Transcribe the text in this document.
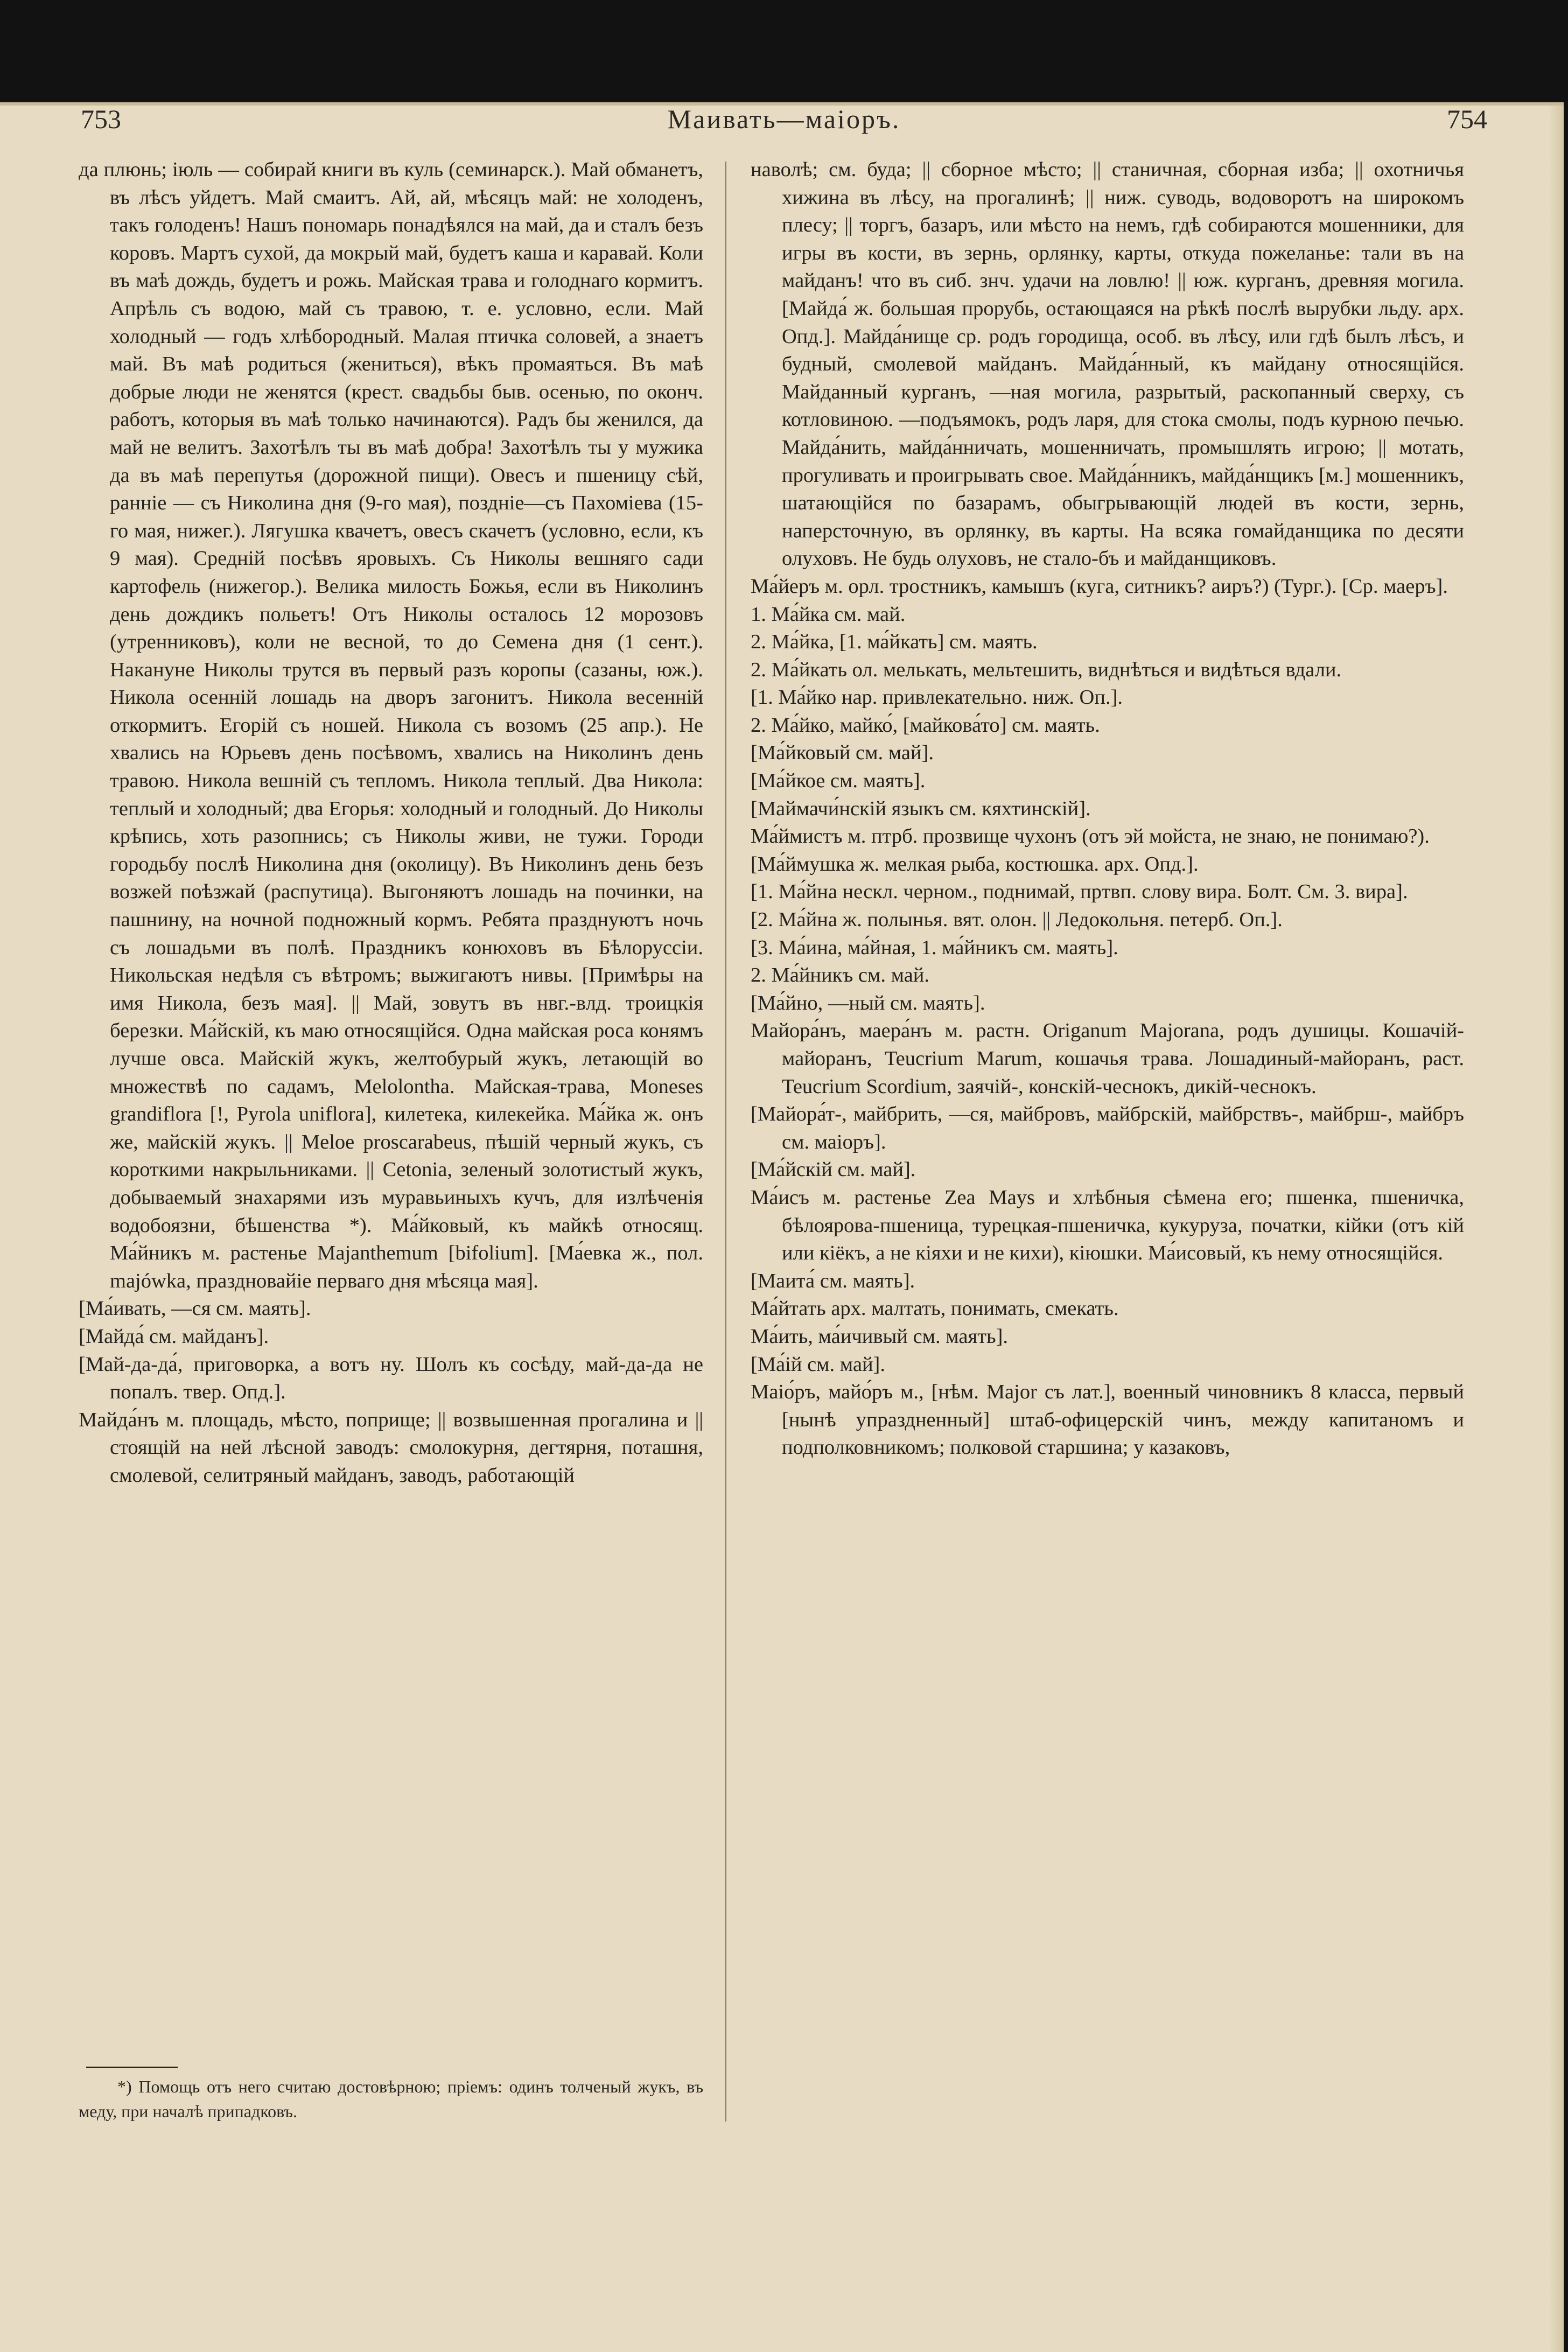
753	Маивать—маiоръ.	754

да плюнь; iюль — собирай книги въ куль (семинарск.). Май обманетъ, въ лѣсъ уйдетъ. Май смаитъ. Ай, ай, мѣсяцъ май: не холоденъ, такъ голоденъ! Нашъ пономарь понадѣялся на май, да и сталъ безъ коровъ. Мартъ сухой, да мокрый май, будетъ каша и каравай. Коли въ маѣ дождь, будетъ и рожь. Майская трава и голоднаго кормитъ. Апрѣль съ водою, май съ травою, т. е. условно, если. Май холодный — годъ хлѣбородный. Малая птичка соловей, а знаетъ май. Въ маѣ родиться (жениться), вѣкъ промаяться. Въ маѣ добрые люди не женятся (крест. свадьбы быв. осенью, по оконч. работъ, которыя въ маѣ только начинаются). Радъ бы женился, да май не велитъ. Захотѣлъ ты въ маѣ добра! Захотѣлъ ты у мужика да въ маѣ перепутья (дорожной пищи). Овесъ и пшеницу сѣй, раннiе — съ Николина дня (9-го мая), поздніе—съ Пахомiева (15-го мая, нижег.). Лягушка квачетъ, овесъ скачетъ (условно, если, къ 9 мая). Среднiй посѣвъ яровыхъ. Съ Николы вешняго сади картофель (нижегор.). Велика милость Божья, если въ Николинъ день дождикъ польетъ! Отъ Николы осталось 12 морозовъ (утренниковъ), коли не весной, то до Семена дня (1 сент.). Накануне Николы трутся въ первый разъ коропы (сазаны, юж.). Никола осеннiй лошадь на дворъ загонитъ. Никола весеннiй откормитъ. Егорiй съ ношей. Никола съ возомъ (25 апр.). Не хвались на Юрьевъ день посѣвомъ, хвались на Николинъ день травою. Никола вешнiй съ тепломъ. Никола теплый. Два Никола: теплый и холодный; два Егорья: холодный и голодный. До Николы крѣпись, хоть разопнись; съ Николы живи, не тужи. Городи городьбу послѣ Николина дня (околицу). Въ Николинъ день безъ возжей поѣзжай (распутица). Выгоняютъ лошадь на починки, на пашнину, на ночной подножный кормъ. Ребята празднуютъ ночь съ лошадьми въ полѣ. Праздникъ конюховъ въ Бѣлоруссiи. Никольская недѣля съ вѣтромъ; выжигаютъ нивы. [Примѣры на имя Никола, безъ мая]. || Май, зовутъ въ нвг.-влд. троицкiя березки. Ма́йскiй, къ маю относящiйся. Одна майская роса конямъ лучше овса. Майскiй жукъ, желтобурый жукъ, летающiй во множествѣ по садамъ, Melolontha. Майская-трава, Moneses grandiflora [!, Pyrola uniflora], килетека, килекейка. Ма́йка ж. онъ же, майскiй жукъ. || Meloe proscarabeus, пѣшiй черный жукъ, съ короткими накрыльниками. || Cetonia, зеленый золотистый жукъ, добываемый знахарями изъ муравьиныхъ кучъ, для излѣченiя водобоязни, бѣшенства *). Ма́йковый, къ майкѣ относящ. Ма́йникъ м. растенье Majanthemum [bifolium]. [Ма́евка ж., пол. majówka, праздновайiе перваго дня мѣсяца мая].

[Ма́ивать, —ся см. маять].

[Майда́ см. майданъ].

[Май-да-да́, приговорка, а вотъ ну. Шолъ къ сосѣду, май-да-да не попалъ. твер. Опд.].

Майда́нъ м. площадь, мѣсто, поприще; || возвышенная прогалина и || стоящiй на ней лѣсной заводъ: смолокурня, дегтярня, поташня, смолевой, селитряный майданъ, заводъ, работающiй

наволѣ; см. буда; || сборное мѣсто; || станичная, сборная изба; || охотничья хижина въ лѣсу, на прогалинѣ; || ниж. суводь, водоворотъ на широкомъ плесу; || торгъ, базаръ, или мѣсто на немъ, гдѣ собираются мошенники, для игры въ кости, въ зернь, орлянку, карты, откуда пожеланье: тали въ на майданъ! что въ сиб. знч. удачи на ловлю! || юж. курганъ, древняя могила. [Майда́ ж. большая прорубь, остающаяся на рѣкѣ послѣ вырубки льду. арх. Опд.]. Майда́нище ср. родъ городища, особ. въ лѣсу, или гдѣ былъ лѣсъ, и будный, смолевой майданъ. Майда́нный, къ майдану относящiйся. Майданный курганъ, —ная могила, разрытый, раскопанный сверху, съ котловиною. —подъямокъ, родъ ларя, для стока смолы, подъ курною печью. Майда́нить, майда́нничать, мошенничать, промышлять игрою; || мотать, прогуливать и проигрывать свое. Майда́нникъ, майда́нщикъ [м.] мошенникъ, шатающiйся по базарамъ, обыгрывающiй людей въ кости, зернь, наперсточную, въ орлянку, въ карты. На всяка гомайданщика по десяти олуховъ. Не будь олуховъ, не стало-бъ и майданщиковъ.

Ма́йеръ м. орл. тростникъ, камышъ (куга, ситникъ? аиръ?) (Тург.). [Ср. маеръ].

1. Ма́йка см. май.

2. Ма́йка, [1. ма́йкать] см. маять.

2. Ма́йкать ол. мелькать, мельтешить, виднѣться и видѣться вдали.

[1. Ма́йко нар. привлекательно. ниж. Оп.].

2. Ма́йко, майко́, [майкова́то] см. маять.

[Ма́йковый см. май].

[Ма́йкое см. маять].

[Маймачи́нскiй языкъ см. кяхтинскiй].

Ма́ймистъ м. птрб. прозвище чухонъ (отъ эй мойста, не знаю, не понимаю?).

[Ма́ймушка ж. мелкая рыба, костюшка. арх. Опд.].

[1. Ма́йна нескл. черном., поднимай, пртвп. слову вира. Болт. См. 3. вира].

[2. Ма́йна ж. полынья. вят. олон. || Ледокольня. петерб. Оп.].

[3. Ма́ина, ма́йная, 1. ма́йникъ см. маять].

2. Ма́йникъ см. май.

[Ма́йно, —ный см. маять].

Майора́нъ, маера́нъ м. растн. Origanum Majorana, родъ душицы. Кошачiй-майоранъ, Teucrium Marum, кошачья трава. Лошадиный-майоранъ, раст. Teucrium Scordium, заячiй-, конскiй-чеснокъ, дикiй-чеснокъ.

[Майора́т-, майбрить, —ся, майбровъ, майбрскiй, майбрствъ-, майбрш-, майбръ см. маiоръ].

[Ма́йскiй см. май].

Ма́исъ м. растенье Zea Mays и хлѣбныя сѣмена его; пшенка, пшеничка, бѣлоярова-пшеница, турецкая-пшеничка, кукуруза, початки, кiйки (отъ кiй или кiёкъ, а не кiяхи и не кихи), кiюшки. Ма́исовый, къ нему относящiйся.

[Маита́ см. маять].

Ма́йтать арх. малтать, понимать, смекать.

Ма́ить, ма́ичивый см. маять].

[Ма́iй см. май].

Маiо́ръ, майо́ръ м., [нѣм. Major съ лат.], военный чиновникъ 8 класса, первый [нынѣ упраздненный] штаб-офицерскiй чинъ, между капитаномъ и подполковникомъ; полковой старшина; у казаковъ,

*) Помощь отъ него считаю достовѣрною; прiемъ: одинъ толченый жукъ, въ меду, при началѣ припадковъ.
